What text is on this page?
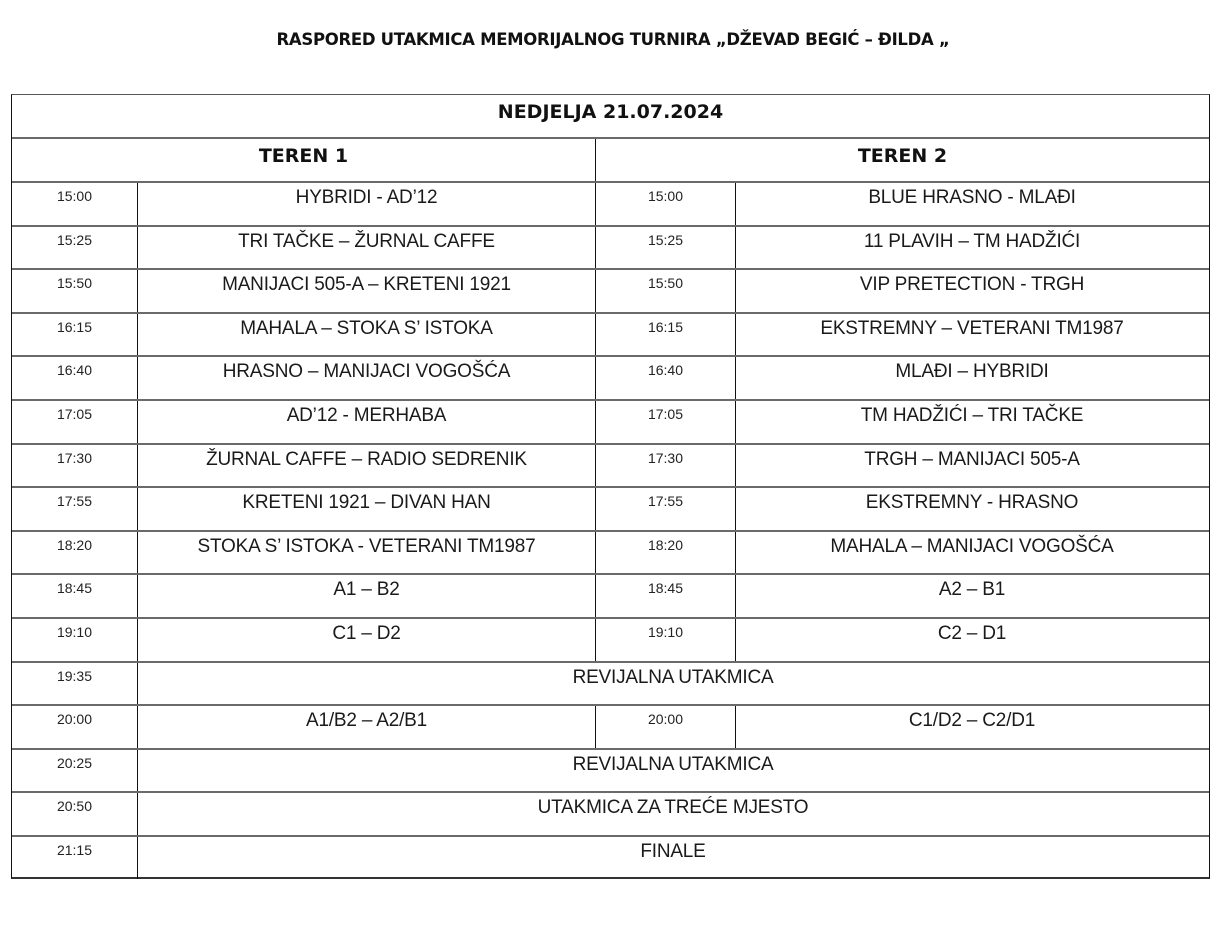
RASPORED UTAKMICA MEMORIJALNOG TURNIRA „DŽEVAD BEGIĆ – ĐILDA „
NEDJELJA 21.07.2024
TEREN 1	TEREN 2
15:00	HYBRIDI - AD’12	15:00	BLUE HRASNO - MLAĐI
15:25	TRI TAČKE – ŽURNAL CAFFE	15:25	11 PLAVIH – TM HADŽIĆI
15:50	MANIJACI 505-A – KRETENI 1921	15:50	VIP PRETECTION - TRGH
16:15	MAHALA – STOKA S’ ISTOKA	16:15	EKSTREMNY – VETERANI TM1987
16:40	HRASNO – MANIJACI VOGOŠĆA	16:40	MLAĐI – HYBRIDI
17:05	AD’12 - MERHABA	17:05	TM HADŽIĆI – TRI TAČKE
17:30	ŽURNAL CAFFE – RADIO SEDRENIK	17:30	TRGH – MANIJACI 505-A
17:55	KRETENI 1921 – DIVAN HAN	17:55	EKSTREMNY - HRASNO
18:20	STOKA S’ ISTOKA - VETERANI TM1987	18:20	MAHALA – MANIJACI VOGOŠĆA
18:45	A1 – B2	18:45	A2 – B1
19:10	C1 – D2	19:10	C2 – D1
19:35	REVIJALNA UTAKMICA
20:00	A1/B2 – A2/B1	20:00	C1/D2 – C2/D1
20:25	REVIJALNA UTAKMICA
20:50	UTAKMICA ZA TREĆE MJESTO
21:15	FINALE
